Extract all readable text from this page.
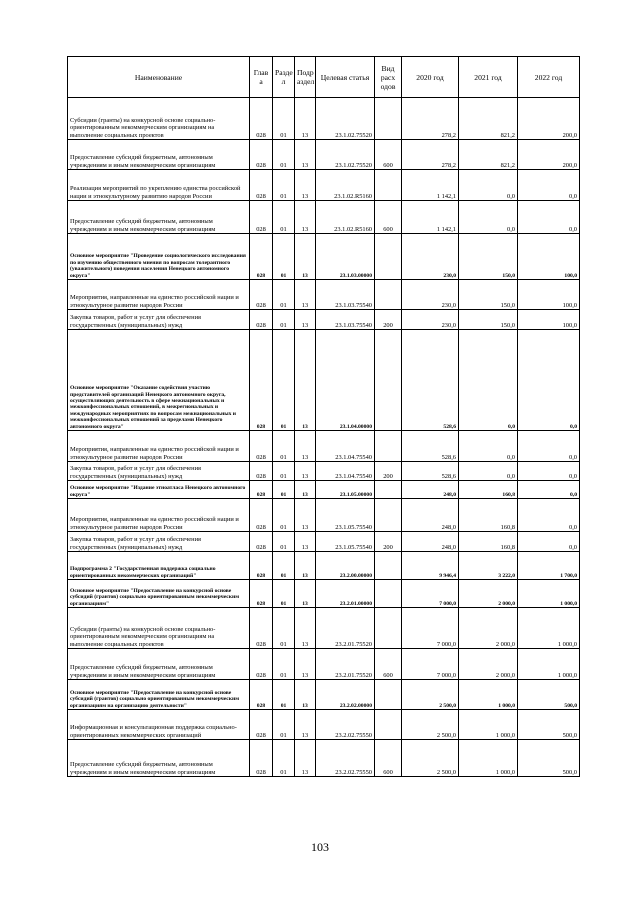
Наименование	Глав а	Разде л	Подр аздел	Целевая статья	Вид расх одов	2020 год	2021 год	2022 год
Субсидии (гранты) на конкурсной основе социально-ориентированным некоммерческим организациям на выполнение социальных проектов	028	01	13	23.1.02.75520		278,2	821,2	200,0
Предоставление субсидий бюджетным, автономным учреждениям и иным некоммерческим организациям	028	01	13	23.1.02.75520	600	278,2	821,2	200,0
Реализация мероприятий по укреплению единства российской нации и этнокультурному развитию народов России	028	01	13	23.1.02.R5160		1 142,1	0,0	0,0
Предоставление субсидий бюджетным, автономным учреждениям и иным некоммерческим организациям	028	01	13	23.1.02.R5160	600	1 142,1	0,0	0,0
Основное мероприятие "Проведение социологического исследования по изучению общественного мнения по вопросам толерантного (уважительного) поведения населения Ненецкого автономного округа"	028	01	13	23.1.03.00000		230,0	150,0	100,0
Мероприятия, направленные на единство российской нации и этнокультурное развитие народов России	028	01	13	23.1.03.75540		230,0	150,0	100,0
Закупка товаров, работ и услуг для обеспечения государственных (муниципальных) нужд	028	01	13	23.1.03.75540	200	230,0	150,0	100,0
Основное мероприятие "Оказание содействия участию представителей организаций Ненецкого автономного округа, осуществляющих деятельность в сфере межнациональных и межконфессиональных отношений, в межрегиональных и международных мероприятиях по вопросам межнациональных и межконфессиональных отношений за пределами Ненецкого автономного округа"	028	01	13	23.1.04.00000		528,6	0,0	0,0
Мероприятия, направленные на единство российской нации и этнокультурное развитие народов России	028	01	13	23.1.04.75540		528,6	0,0	0,0
Закупка товаров, работ и услуг для обеспечения государственных (муниципальных) нужд	028	01	13	23.1.04.75540	200	528,6	0,0	0,0
Основное мероприятие "Издание этноатласа Ненецкого автономного округа"	028	01	13	23.1.05.00000		248,0	160,8	0,0
Мероприятия, направленные на единство российской нации и этнокультурное развитие народов России	028	01	13	23.1.05.75540		248,0	160,8	0,0
Закупка товаров, работ и услуг для обеспечения государственных (муниципальных) нужд	028	01	13	23.1.05.75540	200	248,0	160,8	0,0
Подпрограмма 2 "Государственная поддержка социально ориентированных некоммерческих организаций"	028	01	13	23.2.00.00000		9 946,4	3 222,0	1 700,0
Основное мероприятие "Предоставление на конкурсной основе субсидий (грантов) социально ориентированным некоммерческим организациям"	028	01	13	23.2.01.00000		7 000,0	2 000,0	1 000,0
Субсидии (гранты) на конкурсной основе социально-ориентированным некоммерческим организациям на выполнение социальных проектов	028	01	13	23.2.01.75520		7 000,0	2 000,0	1 000,0
Предоставление субсидий бюджетным, автономным учреждениям и иным некоммерческим организациям	028	01	13	23.2.01.75520	600	7 000,0	2 000,0	1 000,0
Основное мероприятие "Предоставление на конкурсной основе субсидий (грантов) социально ориентированным некоммерческим организациям на организацию деятельности"	028	01	13	23.2.02.00000		2 500,0	1 000,0	500,0
Информационная и консультационная поддержка социально-ориентированных некоммерческих организаций	028	01	13	23.2.02.75550		2 500,0	1 000,0	500,0
Предоставление субсидий бюджетным, автономным учреждениям и иным некоммерческим организациям	028	01	13	23.2.02.75550	600	2 500,0	1 000,0	500,0
103
